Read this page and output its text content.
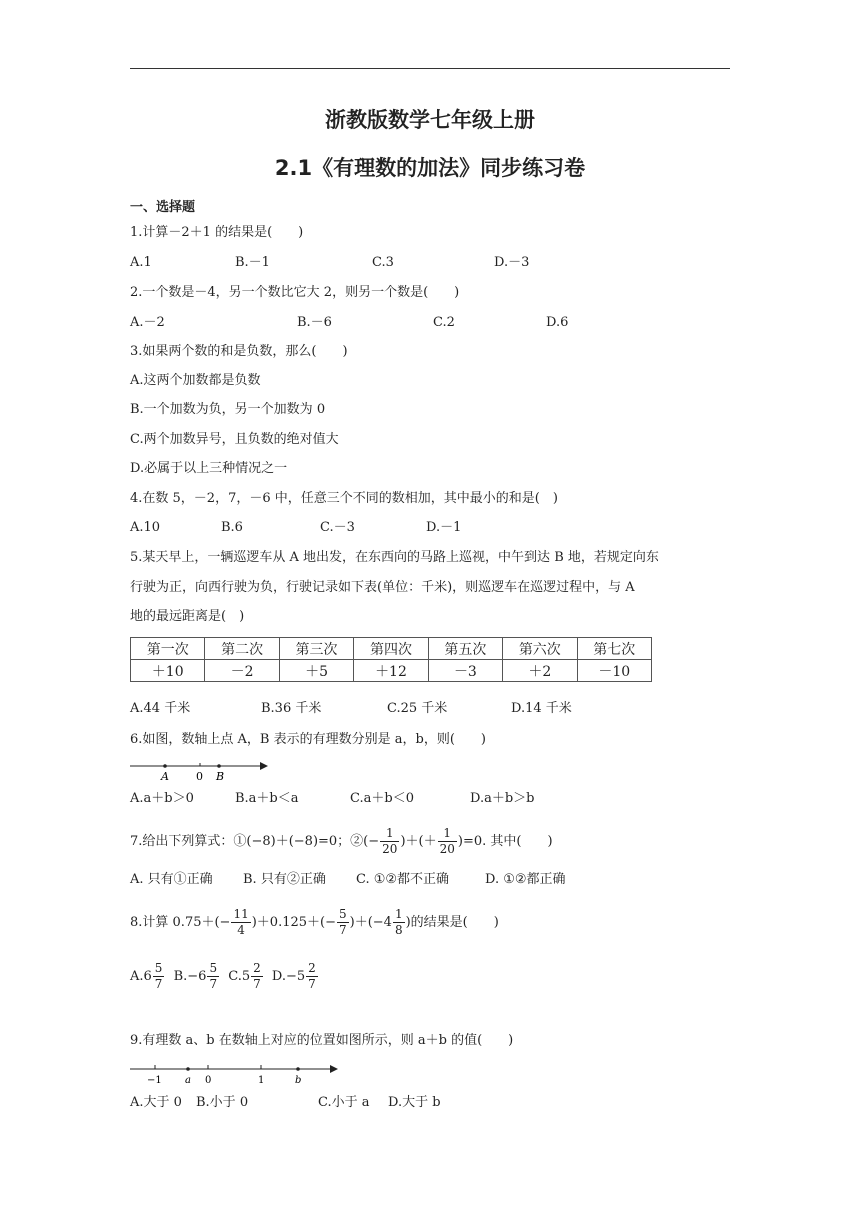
浙教版数学七年级上册
2.1《有理数的加法》同步练习卷
一、选择题
1.计算－2＋1 的结果是(　　)
A.1	B.－1	C.3	D.－3
2.一个数是－4，另一个数比它大 2，则另一个数是(　　)
A.－2	B.－6	C.2	D.6
3.如果两个数的和是负数，那么(　　)
A.这两个加数都是负数
B.一个加数为负，另一个加数为 0
C.两个加数异号，且负数的绝对值大
D.必属于以上三种情况之一
4.在数 5，－2，7，－6 中，任意三个不同的数相加，其中最小的和是(　)
A.10	B.6	C.－3	D.－1
5.某天早上，一辆巡逻车从 A 地出发，在东西向的马路上巡视，中午到达 B 地，若规定向东
行驶为正，向西行驶为负，行驶记录如下表(单位：千米)，则巡逻车在巡逻过程中，与 A
地的最远距离是(　)
第一次	第二次	第三次	第四次	第五次	第六次	第七次
＋10	－2	＋5	＋12	－3	＋2	－10
A.44 千米	B.36 千米	C.25 千米	D.14 千米
6.如图，数轴上点 A，B 表示的有理数分别是 a，b，则(　　)
A 0 B
A.a＋b＞0	B.a＋b＜a	C.a＋b＜0	D.a＋b＞b
7.给出下列算式：①(−8)＋(−8)=0；②(− $\frac{1}{20}$ )＋(＋ $\frac{1}{20} )=0$. 其中(　　)
A. 只有①正确 B. 只有②正确 C. ①②都不正确	D. ①②都正确
8.计算 $0.75+(- \frac{11}{4} )+0.125+(- \frac{5}{7} )+(-4 \frac{1}{8}$ )的结果是(　　)
$A.6 \frac{5}{7} B.-6 \frac{5}{7} C.5 \frac{2}{7} D.-5 \frac{2}{7}$
9.有理数 a、b 在数轴上对应的位置如图所示，则 a＋b 的值(　　)
−1 a 0	1	b
A.大于 0 B.小于 0	C.小于 a D.大于 b
